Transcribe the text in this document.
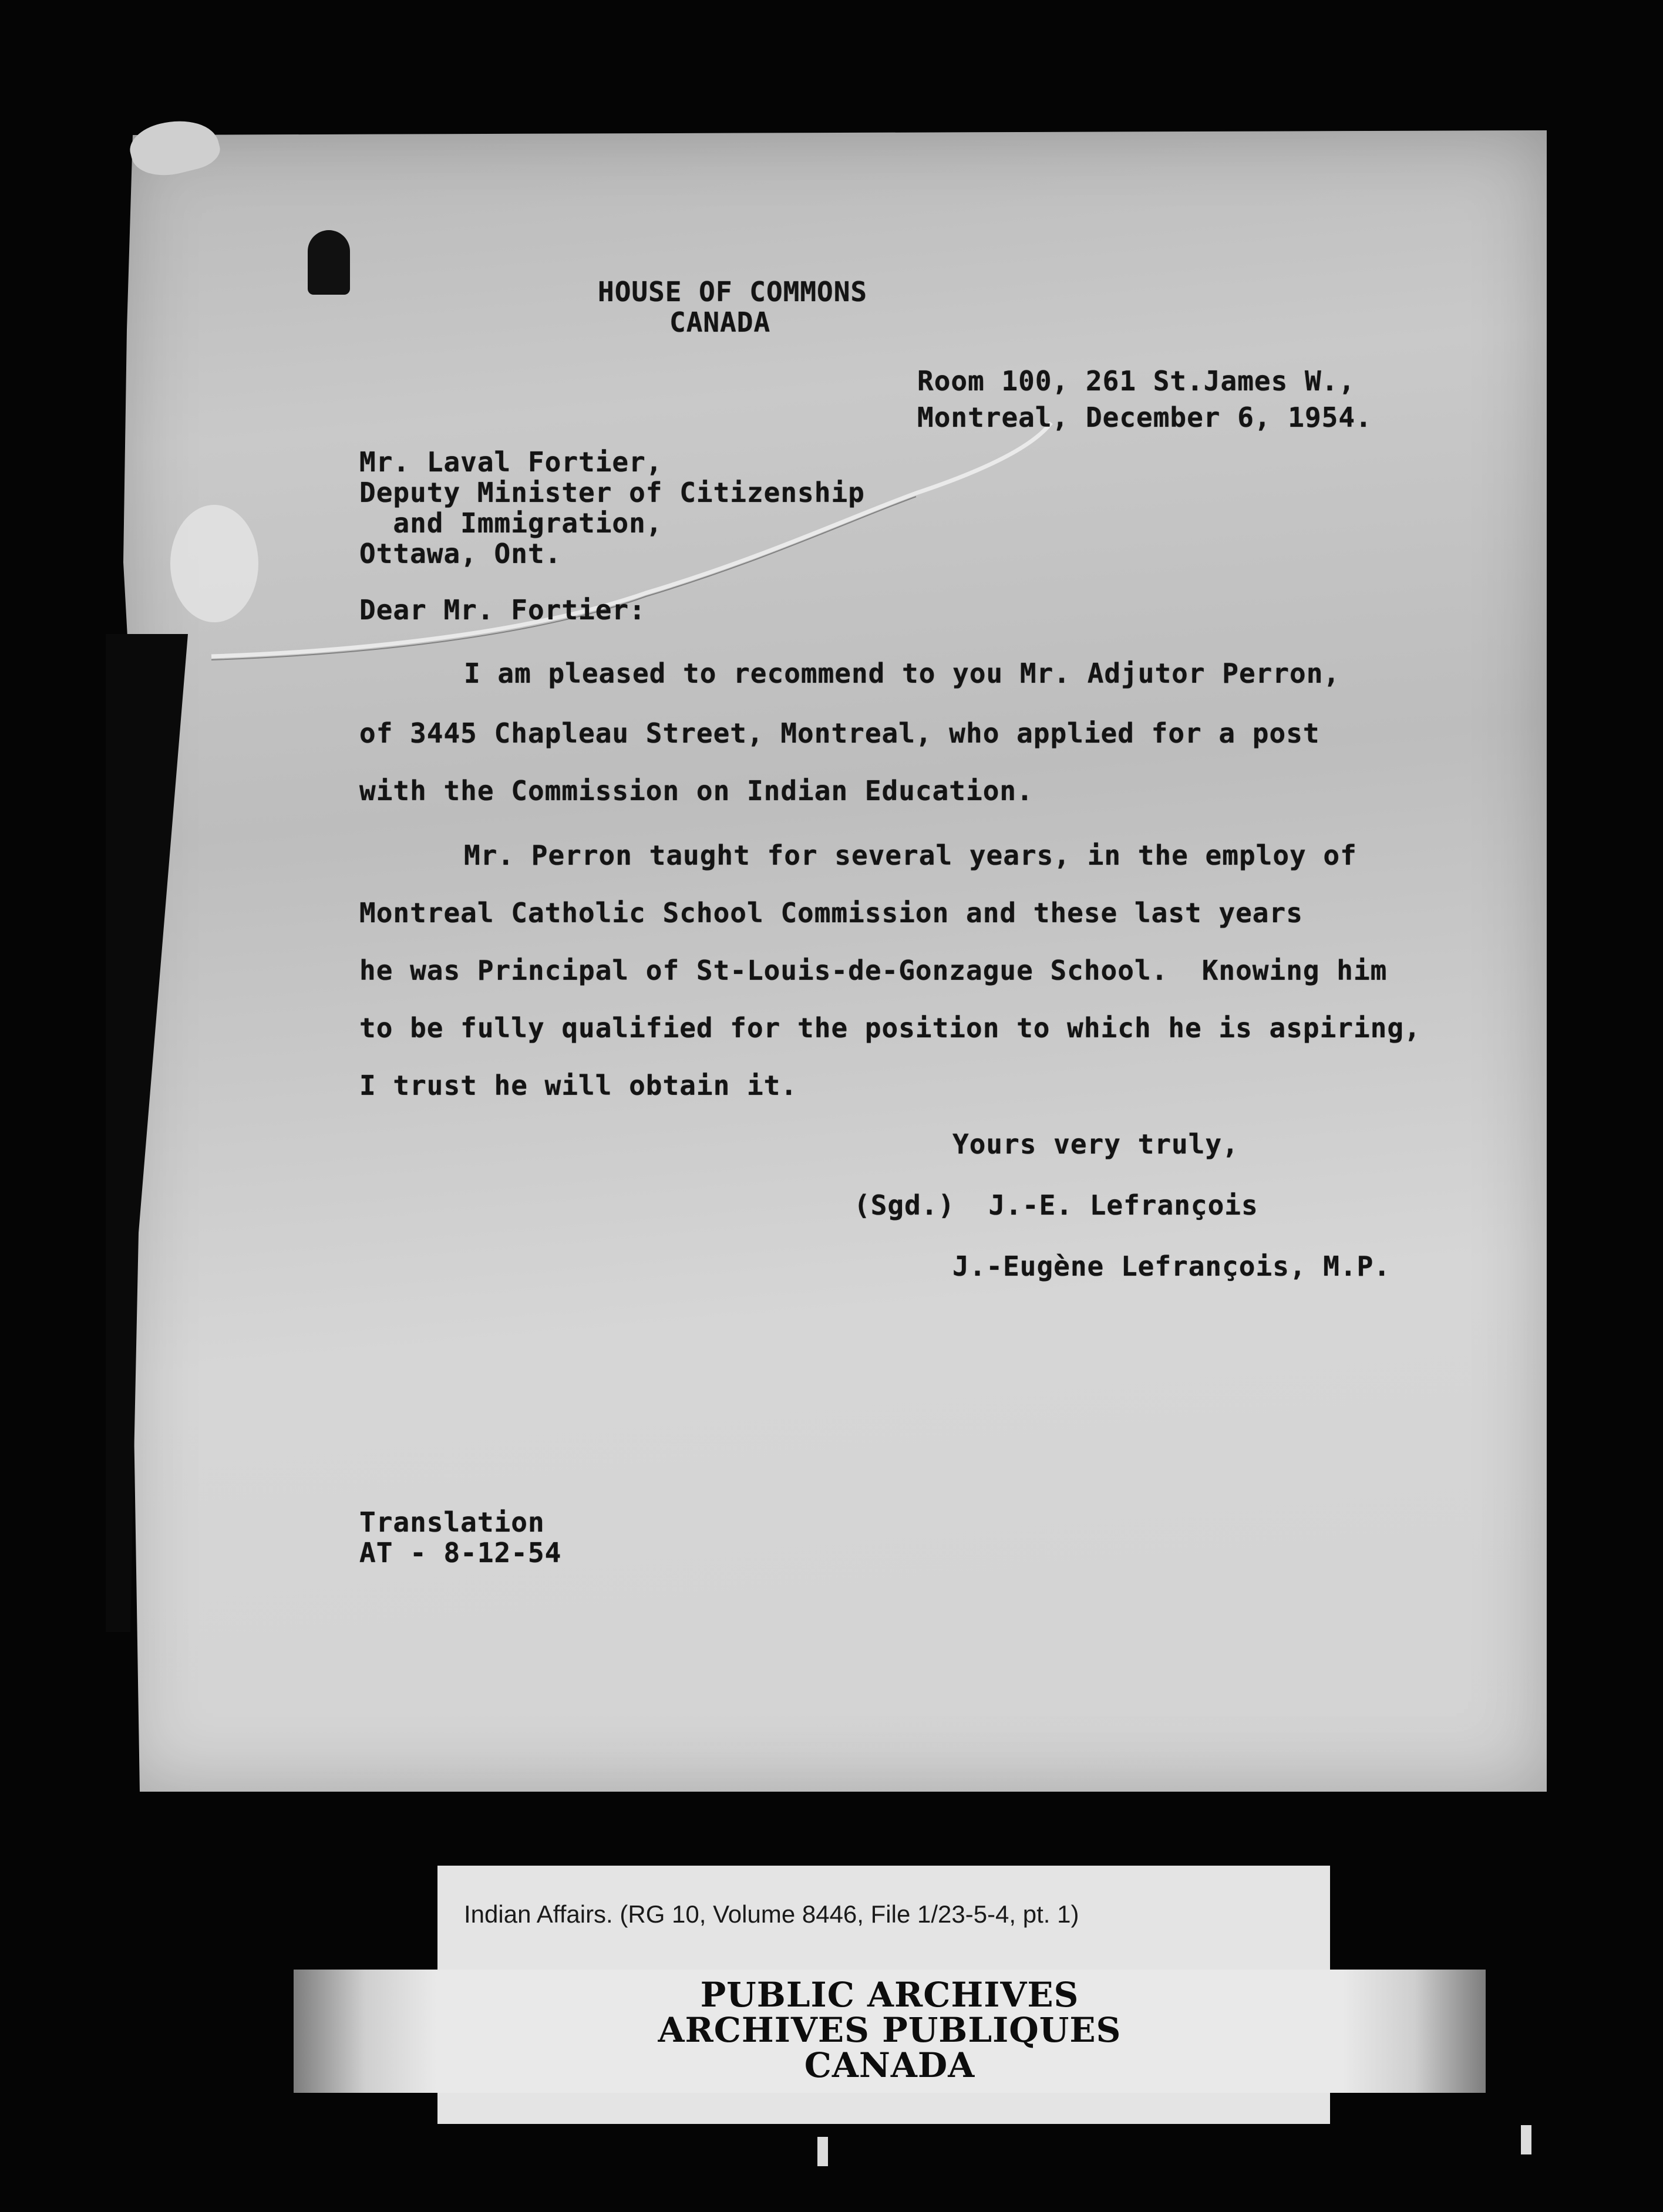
HOUSE OF COMMONS
CANADA
Room 100, 261 St.James W.,
Montreal, December 6, 1954.
Mr. Laval Fortier,
Deputy Minister of Citizenship
and Immigration,
Ottawa, Ont.
Dear Mr. Fortier:
I am pleased to recommend to you Mr. Adjutor Perron,
of 3445 Chapleau Street, Montreal, who applied for a post
with the Commission on Indian Education.
Mr. Perron taught for several years, in the employ of
Montreal Catholic School Commission and these last years
he was Principal of St-Louis-de-Gonzague School.  Knowing him
to be fully qualified for the position to which he is aspiring,
I trust he will obtain it.
Yours very truly,
(Sgd.)  J.-E. Lefrançois
J.-Eugène Lefrançois, M.P.
Translation
AT - 8-12-54
Indian Affairs. (RG 10, Volume 8446, File 1/23-5-4, pt. 1)
PUBLIC ARCHIVES
ARCHIVES PUBLIQUES
CANADA
